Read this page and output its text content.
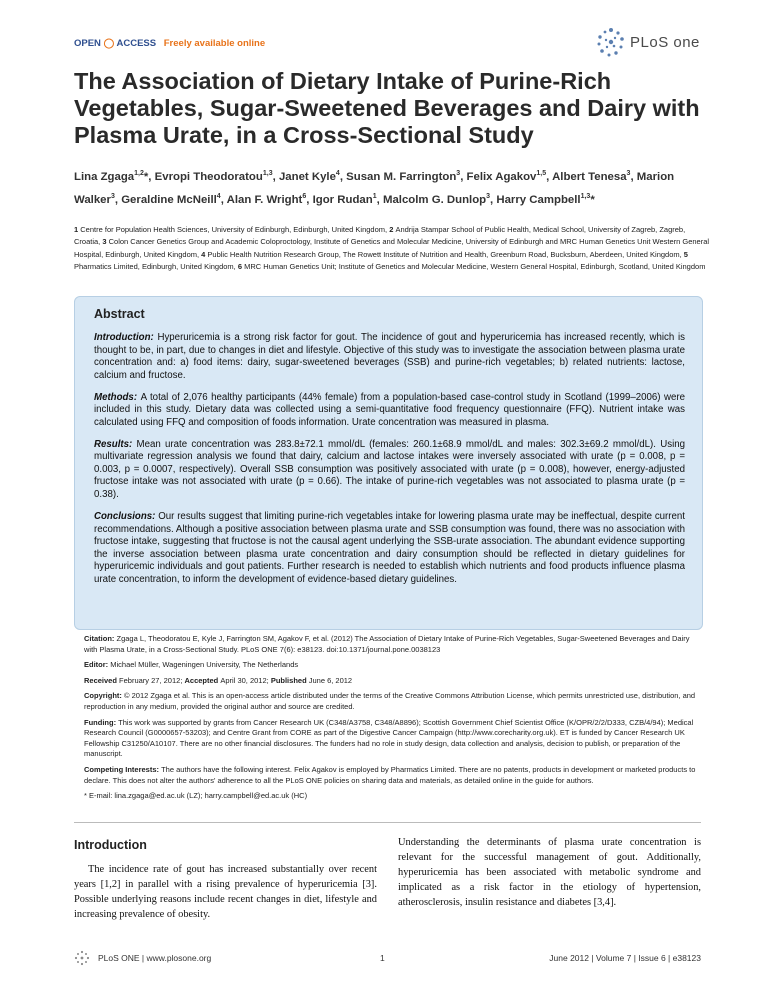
OPEN ◯ ACCESS Freely available online	PLoS one
The Association of Dietary Intake of Purine-Rich Vegetables, Sugar-Sweetened Beverages and Dairy with Plasma Urate, in a Cross-Sectional Study
Lina Zgaga$^{1,2}$*, Evropi Theodoratou$^{1,3}$, Janet Kyle$^4$, Susan M. Farrington$^3$, Felix Agakov$^{1,5}$, Albert Tenesa$^3$, Marion Walker$^3$, Geraldine McNeill$^4$, Alan F. Wright$^6$, Igor Rudan$^1$, Malcolm G. Dunlop$^3$, Harry Campbell$^{1,3}$*
1 Centre for Population Health Sciences, University of Edinburgh, Edinburgh, United Kingdom, 2 Andrija Stampar School of Public Health, Medical School, University of Zagreb, Zagreb, Croatia, 3 Colon Cancer Genetics Group and Academic Coloproctology, Institute of Genetics and Molecular Medicine, University of Edinburgh and MRC Human Genetics Unit Western General Hospital, Edinburgh, United Kingdom, 4 Public Health Nutrition Research Group, The Rowett Institute of Nutrition and Health, Greenburn Road, Bucksburn, Aberdeen, United Kingdom, 5 Pharmatics Limited, Edinburgh, United Kingdom, 6 MRC Human Genetics Unit; Institute of Genetics and Molecular Medicine, Western General Hospital, Edinburgh, Scotland, United Kingdom
Abstract

Introduction: Hyperuricemia is a strong risk factor for gout. The incidence of gout and hyperuricemia has increased recently, which is thought to be, in part, due to changes in diet and lifestyle. Objective of this study was to investigate the association between plasma urate concentration and: a) food items: dairy, sugar-sweetened beverages (SSB) and purine-rich vegetables; b) related nutrients: lactose, calcium and fructose.

Methods: A total of 2,076 healthy participants (44% female) from a population-based case-control study in Scotland (1999–2006) were included in this study. Dietary data was collected using a semi-quantitative food frequency questionnaire (FFQ). Nutrient intake was calculated using FFQ and composition of foods information. Urate concentration was measured in plasma.

Results: Mean urate concentration was 283.8±72.1 mmol/dL (females: 260.1±68.9 mmol/dL and males: 302.3±69.2 mmol/dL). Using multivariate regression analysis we found that dairy, calcium and lactose intakes were inversely associated with urate (p = 0.008, p = 0.003, p = 0.0007, respectively). Overall SSB consumption was positively associated with urate (p = 0.008), however, energy-adjusted fructose intake was not associated with urate (p = 0.66). The intake of purine-rich vegetables was not associated to plasma urate (p = 0.38).

Conclusions: Our results suggest that limiting purine-rich vegetables intake for lowering plasma urate may be ineffectual, despite current recommendations. Although a positive association between plasma urate and SSB consumption was found, there was no association with fructose intake, suggesting that fructose is not the causal agent underlying the SSB-urate association. The abundant evidence supporting the inverse association between plasma urate concentration and dairy consumption should be reflected in dietary guidelines for hyperuricemic individuals and gout patients. Further research is needed to establish which nutrients and food products influence plasma urate concentration, to inform the development of evidence-based dietary guidelines.

Citation: Zgaga L, Theodoratou E, Kyle J, Farrington SM, Agakov F, et al. (2012) The Association of Dietary Intake of Purine-Rich Vegetables, Sugar-Sweetened Beverages and Dairy with Plasma Urate, in a Cross-Sectional Study. PLoS ONE 7(6): e38123. doi:10.1371/journal.pone.0038123

Editor: Michael Müller, Wageningen University, The Netherlands

Received February 27, 2012; Accepted April 30, 2012; Published June 6, 2012

Copyright: © 2012 Zgaga et al. This is an open-access article distributed under the terms of the Creative Commons Attribution License, which permits unrestricted use, distribution, and reproduction in any medium, provided the original author and source are credited.

Funding: This work was supported by grants from Cancer Research UK (C348/A3758, C348/A8896); Scottish Government Chief Scientist Office (K/OPR/2/2/D333, CZB/4/94); Medical Research Council (G0000657-53203); and Centre Grant from CORE as part of the Digestive Cancer Campaign (http://www.corecharity.org.uk). ET is funded by Cancer Research UK Fellowship C31250/A10107. There are no other financial disclosures. The funders had no role in study design, data collection and analysis, decision to publish, or preparation of the manuscript.

Competing Interests: The authors have the following interest. Felix Agakov is employed by Pharmatics Limited. There are no patents, products in development or marketed products to declare. This does not alter the authors' adherence to all the PLoS ONE policies on sharing data and materials, as detailed online in the guide for authors.

* E-mail: lina.zgaga@ed.ac.uk (LZ); harry.campbell@ed.ac.uk (HC)

Introduction

The incidence rate of gout has increased substantially over recent years [1,2] in parallel with a rising prevalence of hyperuricemia [3]. Possible underlying reasons include recent changes in diet, lifestyle and increasing prevalence of obesity.

Understanding the determinants of plasma urate concentration is relevant for the successful management of gout. Additionally, hyperuricemia has been associated with metabolic syndrome and implicated as a risk factor in the etiology of hypertension, atherosclerosis, insulin resistance and diabetes [3,4].

PLoS ONE | www.plosone.org	1	June 2012 | Volume 7 | Issue 6 | e38123
